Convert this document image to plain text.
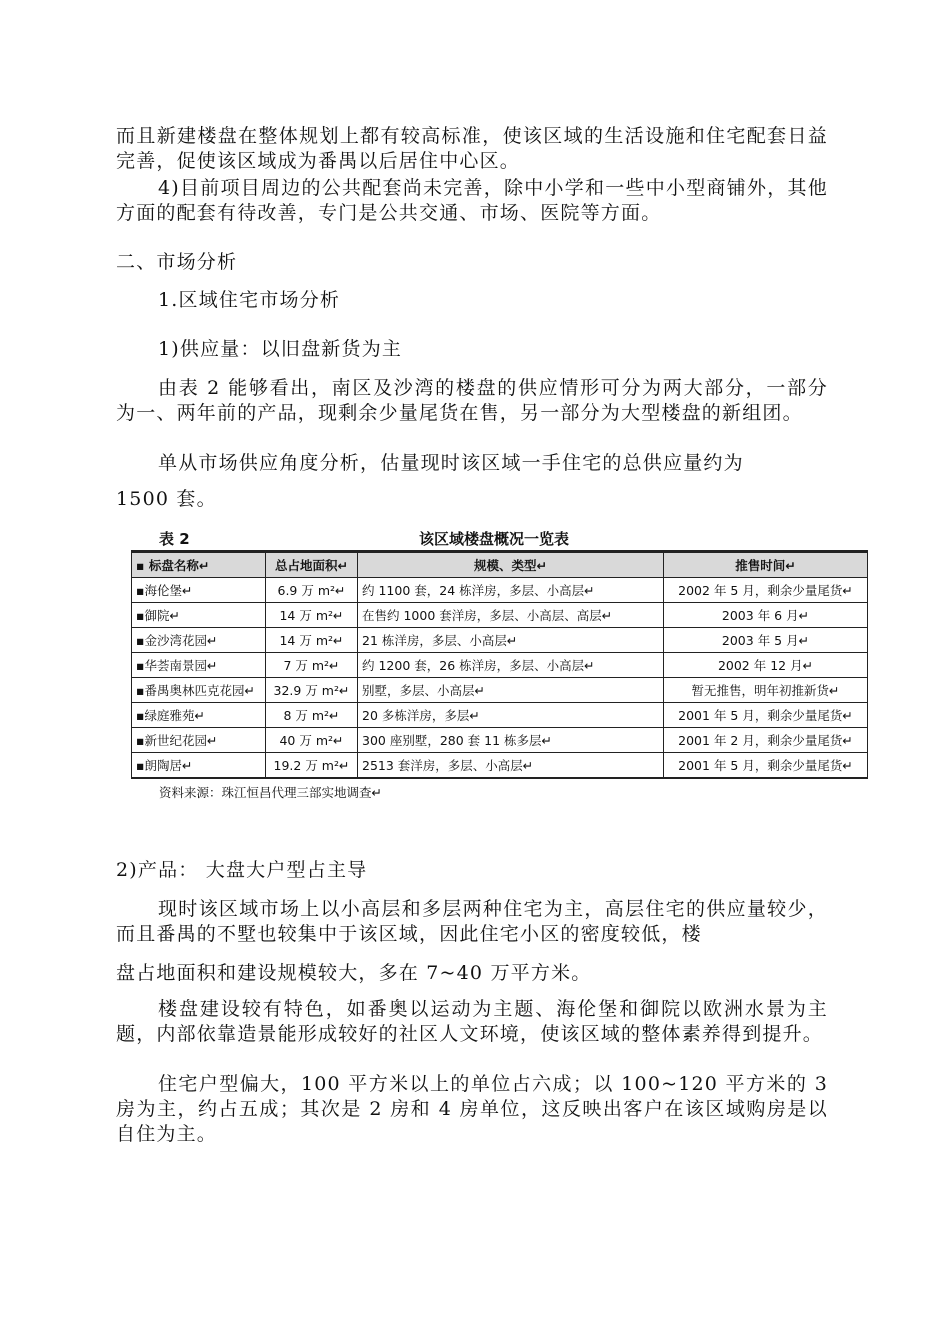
而且新建楼盘在整体规划上都有较高标准，使该区域的生活设施和住宅配套日益完善，促使该区域成为番禺以后居住中心区。

4)目前项目周边的公共配套尚未完善，除中小学和一些中小型商铺外，其他方面的配套有待改善，专门是公共交通、市场、医院等方面。

二、市场分析

1.区域住宅市场分析

1)供应量：以旧盘新货为主

由表 2 能够看出，南区及沙湾的楼盘的供应情形可分为两大部分，一部分为一、两年前的产品，现剩余少量尾货在售，另一部分为大型楼盘的新组团。

单从市场供应角度分析，估量现时该区域一手住宅的总供应量约为

1500 套。

表 2	该区域楼盘概况一览表
▪ 标盘名称↵	总占地面积↵	规模、类型↵	推售时间↵
▪海伦堡↵	6.9 万 m²↵	约 1100 套，24 栋洋房，多层、小高层↵	2002 年 5 月，剩余少量尾货↵
▪御院↵	14 万 m²↵	在售约 1000 套洋房，多层、小高层、高层↵	2003 年 6 月↵
▪金沙湾花园↵	14 万 m²↵	21 栋洋房，多层、小高层↵	2003 年 5 月↵
▪华荟南景园↵	7 万 m²↵	约 1200 套，26 栋洋房，多层、小高层↵	2002 年 12 月↵
▪番禺奥林匹克花园↵	32.9 万 m²↵	别墅，多层、小高层↵	暂无推售，明年初推新货↵
▪绿庭雅苑↵	8 万 m²↵	20 多栋洋房，多层↵	2001 年 5 月，剩余少量尾货↵
▪新世纪花园↵	40 万 m²↵	300 座别墅，280 套 11 栋多层↵	2001 年 2 月，剩余少量尾货↵
▪朗陶居↵	19.2 万 m²↵	2513 套洋房，多层、小高层↵	2001 年 5 月，剩余少量尾货↵

资料来源：珠江恒昌代理三部实地调查↵

2)产品： 大盘大户型占主导

现时该区域市场上以小高层和多层两种住宅为主，高层住宅的供应量较少，而且番禺的不墅也较集中于该区域，因此住宅小区的密度较低，楼

盘占地面积和建设规模较大，多在 7~40 万平方米。

楼盘建设较有特色，如番奥以运动为主题、海伦堡和御院以欧洲水景为主题，内部依靠造景能形成较好的社区人文环境，使该区域的整体素养得到提升。

住宅户型偏大，100 平方米以上的单位占六成；以 100~120 平方米的 3 房为主，约占五成；其次是 2 房和 4 房单位，这反映出客户在该区域购房是以自住为主。
